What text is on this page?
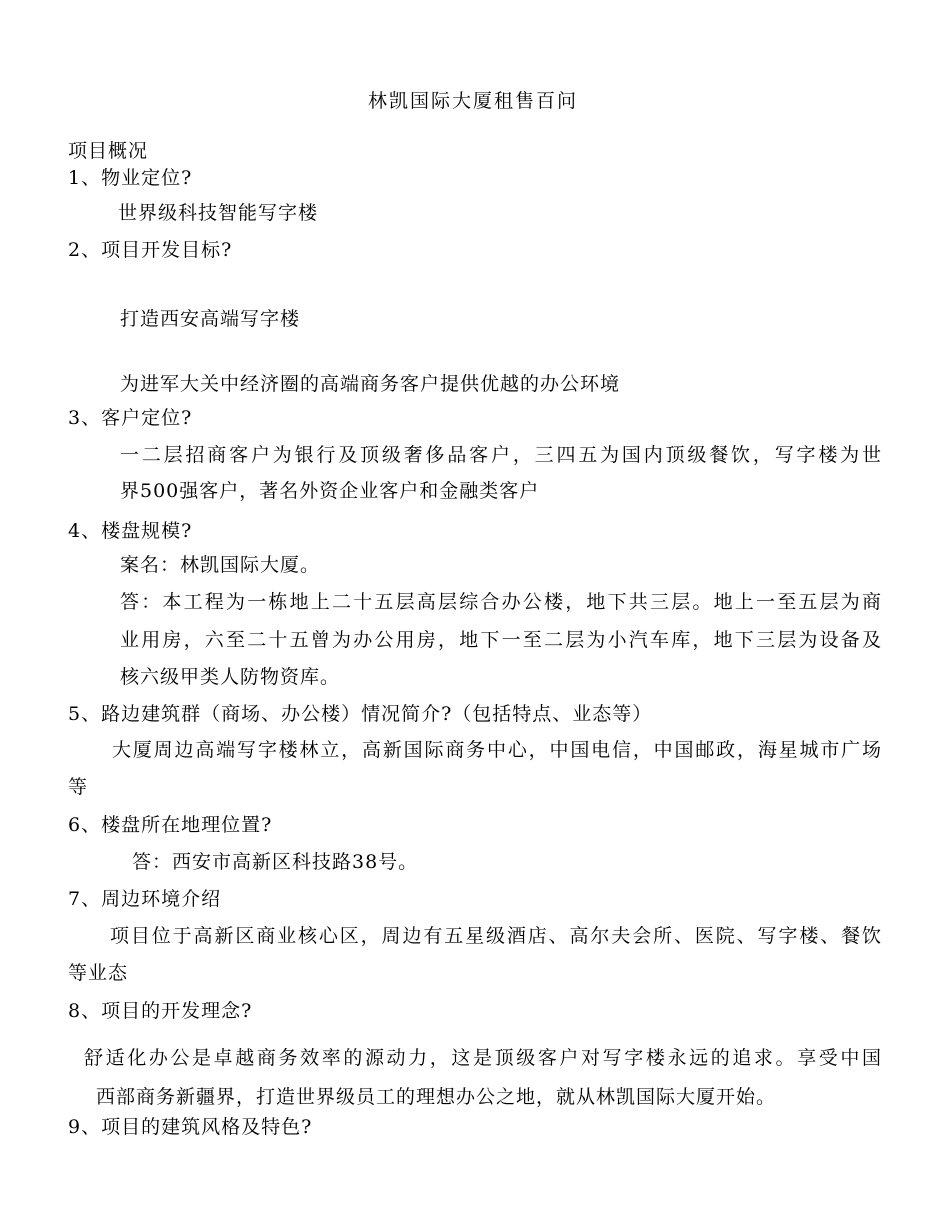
林凯国际大厦租售百问
项目概况
1、物业定位?
世界级科技智能写字楼
2、项目开发目标?
打造西安高端写字楼
为进军大关中经济圈的高端商务客户提供优越的办公环境
3、客户定位?
一二层招商客户为银行及顶级奢侈品客户，三四五为国内顶级餐饮，写字楼为世
界500强客户，著名外资企业客户和金融类客户
4、楼盘规模?
案名：林凯国际大厦。
答：本工程为一栋地上二十五层高层综合办公楼，地下共三层。地上一至五层为商
业用房，六至二十五曾为办公用房，地下一至二层为小汽车库，地下三层为设备及
核六级甲类人防物资库。
5、路边建筑群（商场、办公楼）情况简介?（包括特点、业态等）
大厦周边高端写字楼林立，高新国际商务中心，中国电信，中国邮政，海星城市广场
等
6、楼盘所在地理位置?
答：西安市高新区科技路38号。
7、周边环境介绍
项目位于高新区商业核心区，周边有五星级酒店、高尔夫会所、医院、写字楼、餐饮
等业态
8、项目的开发理念?
舒适化办公是卓越商务效率的源动力，这是顶级客户对写字楼永远的追求。享受中国
西部商务新疆界，打造世界级员工的理想办公之地，就从林凯国际大厦开始。
9、项目的建筑风格及特色?
